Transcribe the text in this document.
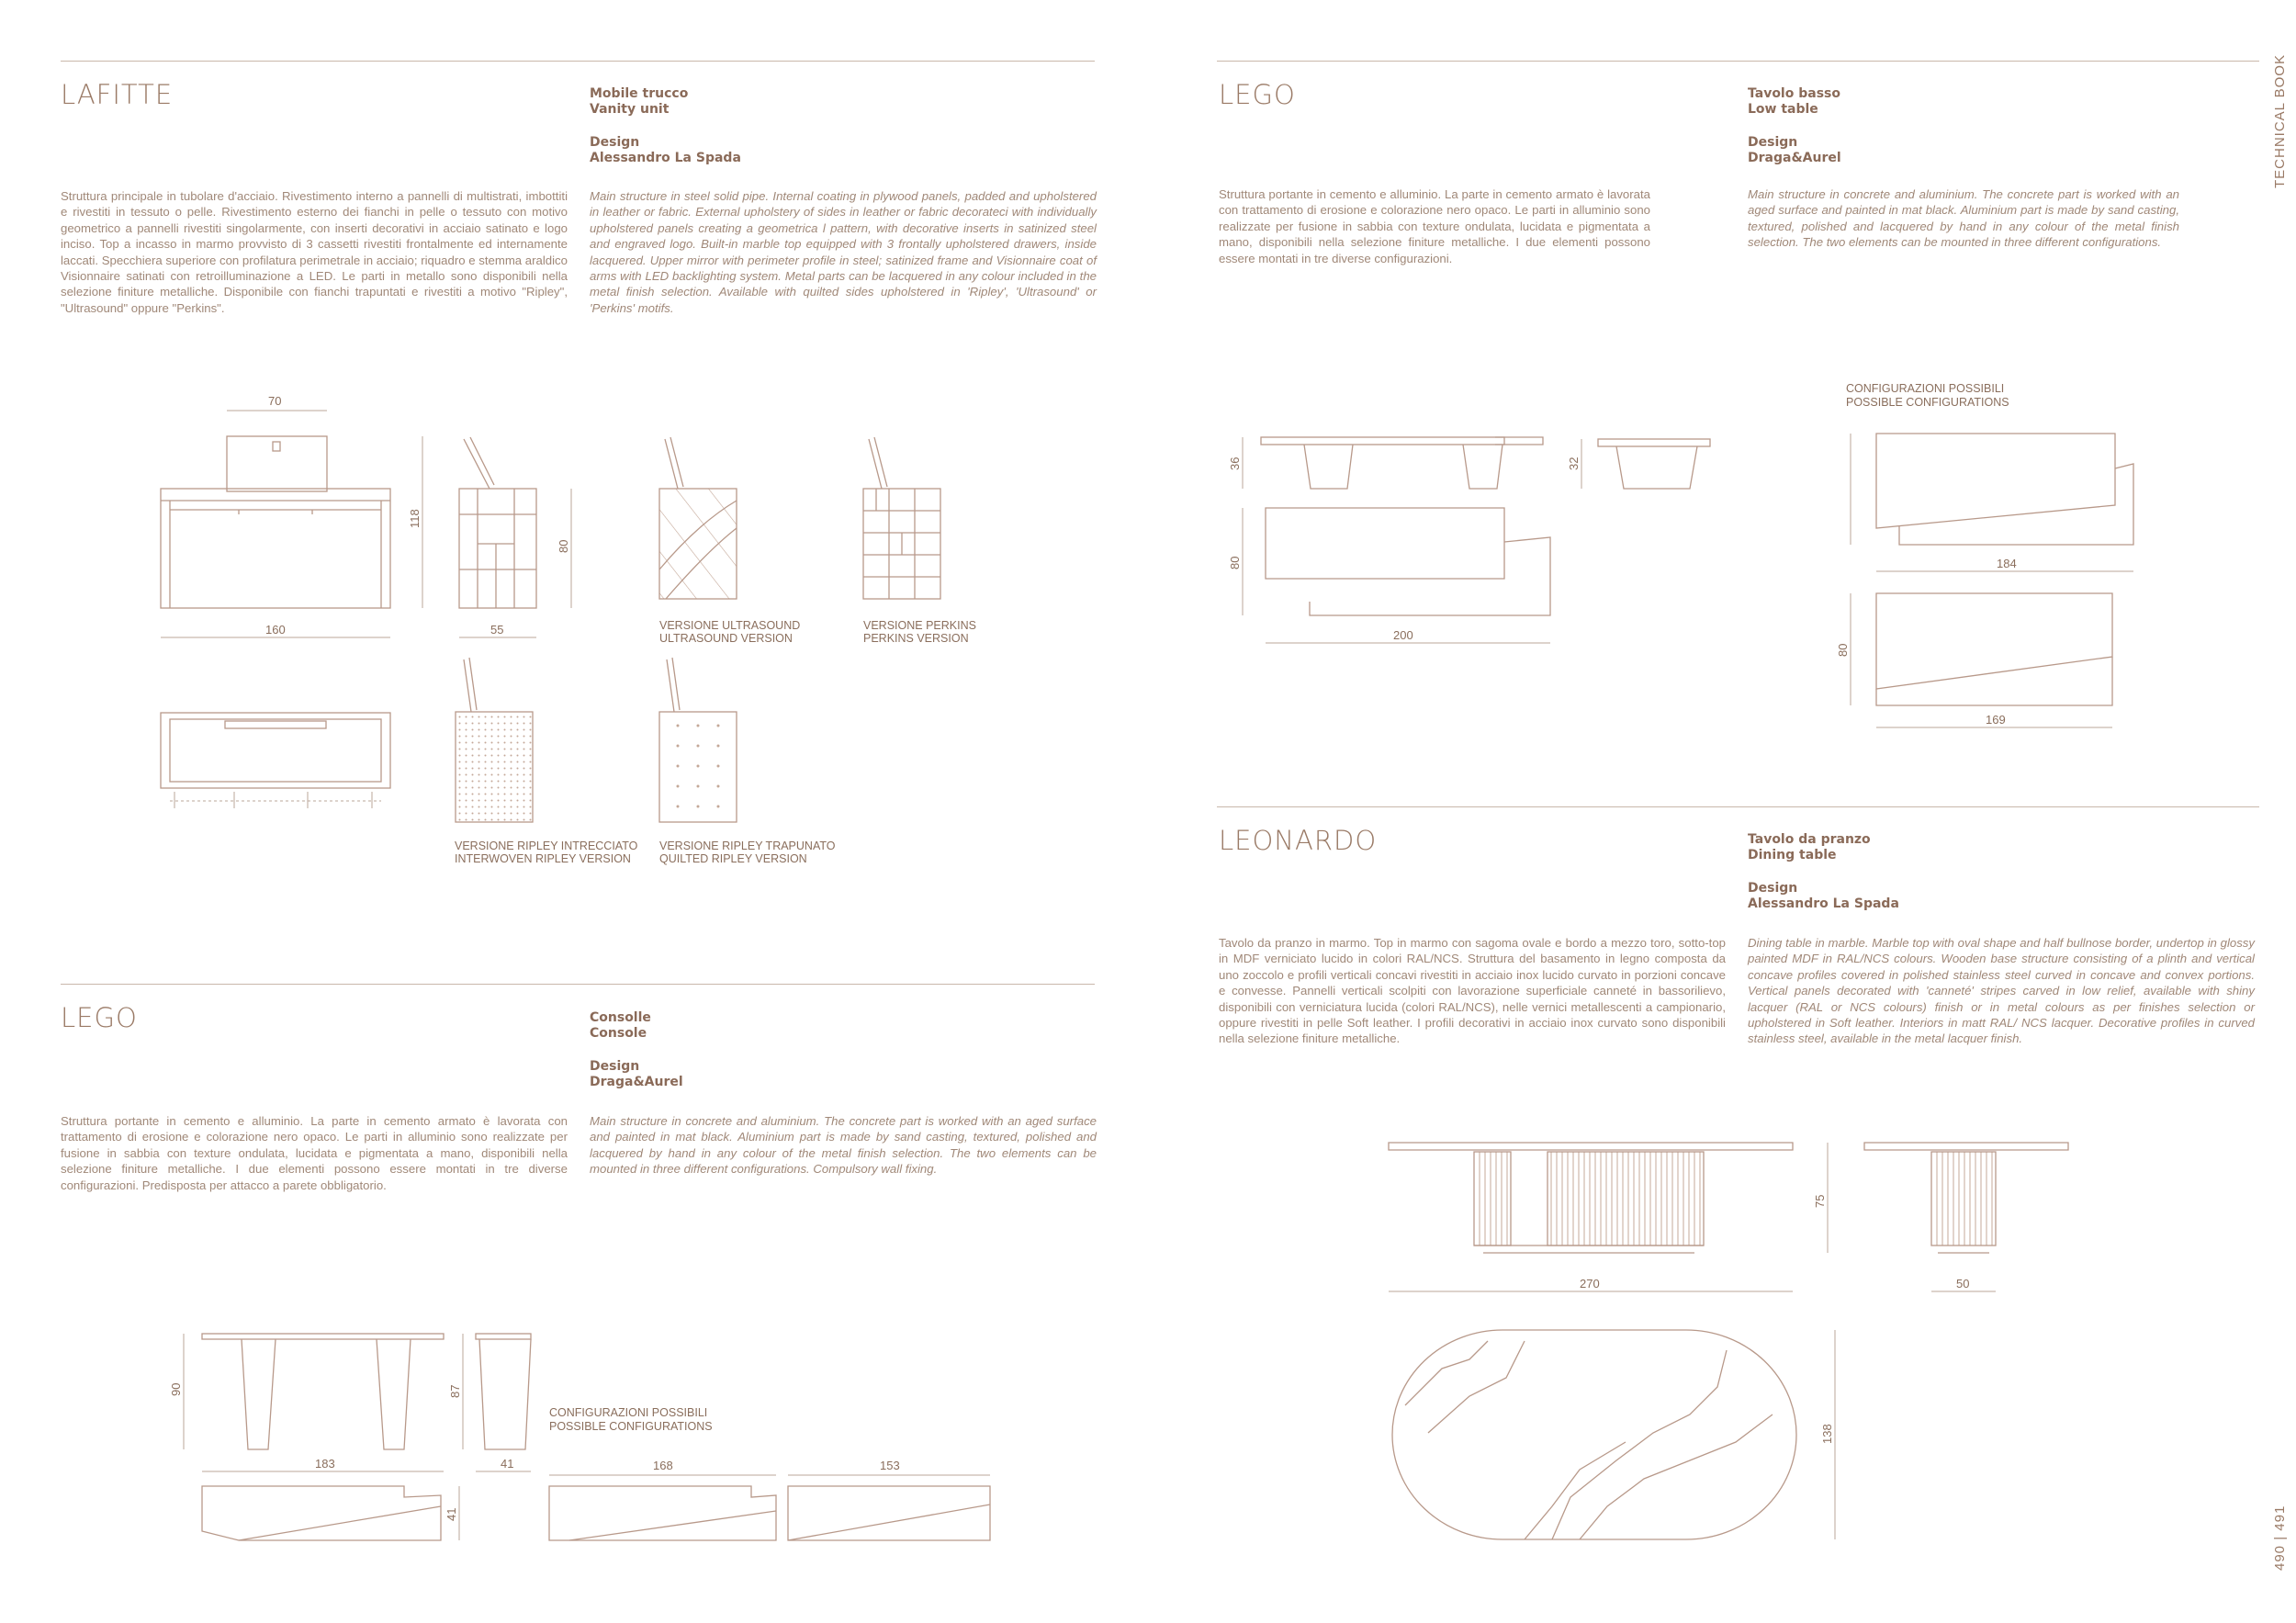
TECHNICAL BOOK
490 | 491
LAFITTE	Mobile trucco
Vanity unit
Design
Alessandro La Spada
Struttura principale in tubolare d'acciaio. Rivestimento interno a pannelli di multistrati, imbottiti e rivestiti in tessuto o pelle. Rivestimento esterno dei fianchi in pelle o tessuto con motivo geometrico a pannelli rivestiti singolarmente, con inserti decorativi in acciaio satinato e logo inciso. Top a incasso in marmo provvisto di 3 cassetti rivestiti frontalmente ed internamente laccati. Specchiera superiore con profilatura perimetrale in acciaio; riquadro e stemma araldico Visionnaire satinati con retroilluminazione a LED. Le parti in metallo sono disponibili nella selezione finiture metalliche. Disponibile con fianchi trapuntati e rivestiti a motivo "Ripley", "Ultrasound" oppure "Perkins".
Main structure in steel solid pipe. Internal coating in plywood panels, padded and upholstered in leather or fabric. External upholstery of sides in leather or fabric decorateci with individually upholstered panels creating a geometrica l pattern, with decorative inserts in satinized steel and engraved logo. Built-in marble top equipped with 3 frontally upholstered drawers, inside lacquered. Upper mirror with perimeter profile in steel; satinized frame and Visionnaire coat of arms with LED backlighting system. Metal parts can be lacquered in any colour included in the metal finish selection. Available with quilted sides upholstered in 'Ripley', 'Ultrasound' or 'Perkins' motifs.
LEGO	Tavolo basso
Low table
Design
Draga&Aurel
Struttura portante in cemento e alluminio. La parte in cemento armato è lavorata con trattamento di erosione e colorazione nero opaco. Le parti in alluminio sono realizzate per fusione in sabbia con texture ondulata, lucidata e pigmentata a mano, disponibili nella selezione finiture metalliche. I due elementi possono essere montati in tre diverse configurazioni.
Main structure in concrete and aluminium. The concrete part is worked with an aged surface and painted in mat black. Aluminium part is made by sand casting, textured, polished and lacquered by hand in any colour of the metal finish selection. The two elements can be mounted in three different configurations.
LEONARDO	Tavolo da pranzo
Dining table
Design
Alessandro La Spada
Tavolo da pranzo in marmo. Top in marmo con sagoma ovale e bordo a mezzo toro, sotto-top in MDF verniciato lucido in colori RAL/NCS. Struttura del basamento in legno composta da uno zoccolo e profili verticali concavi rivestiti in acciaio inox lucido curvato in porzioni concave e convesse. Pannelli verticali scolpiti con lavorazione superficiale canneté in bassorilievo, disponibili con verniciatura lucida (colori RAL/NCS), nelle vernici metallescenti a campionario, oppure rivestiti in pelle Soft leather. I profili decorativi in acciaio inox curvato sono disponibili nella selezione finiture metalliche.
Dining table in marble. Marble top with oval shape and half bullnose border, undertop in glossy painted MDF in RAL/NCS colours. Wooden base structure consisting of a plinth and vertical concave profiles covered in polished stainless steel curved in concave and convex portions. Vertical panels decorated with 'canneté' stripes carved in low relief, available with shiny lacquer (RAL or NCS colours) finish or in metal colours as per finishes selection or upholstered in Soft leather. Interiors in matt RAL/ NCS lacquer. Decorative profiles in curved stainless steel, available in the metal lacquer finish.
LEGO	Consolle
Console
Design
Draga&Aurel
Struttura portante in cemento e alluminio. La parte in cemento armato è lavorata con trattamento di erosione e colorazione nero opaco. Le parti in alluminio sono realizzate per fusione in sabbia con texture ondulata, lucidata e pigmentata a mano, disponibili nella selezione finiture metalliche. I due elementi possono essere montati in tre diverse configurazioni. Predisposta per attacco a parete obbligatorio.
Main structure in concrete and aluminium. The concrete part is worked with an aged surface and painted in mat black. Aluminium part is made by sand casting, textured, polished and lacquered by hand in any colour of the metal finish selection. The two elements can be mounted in three different configurations. Compulsory wall fixing.
70
160
118
55
80
VERSIONE ULTRASOUND
ULTRASOUND VERSION
VERSIONE PERKINS
PERKINS VERSION
VERSIONE RIPLEY INTRECCIATO
INTERWOVEN RIPLEY VERSION
VERSIONE RIPLEY TRAPUNATO
QUILTED RIPLEY VERSION
36	32
80
200
CONFIGURAZIONI POSSIBILI
POSSIBLE CONFIGURATIONS
184
80
169
270
75
50
138
90
183
87
41
41
CONFIGURAZIONI POSSIBILI
POSSIBLE CONFIGURATIONS
168	153
